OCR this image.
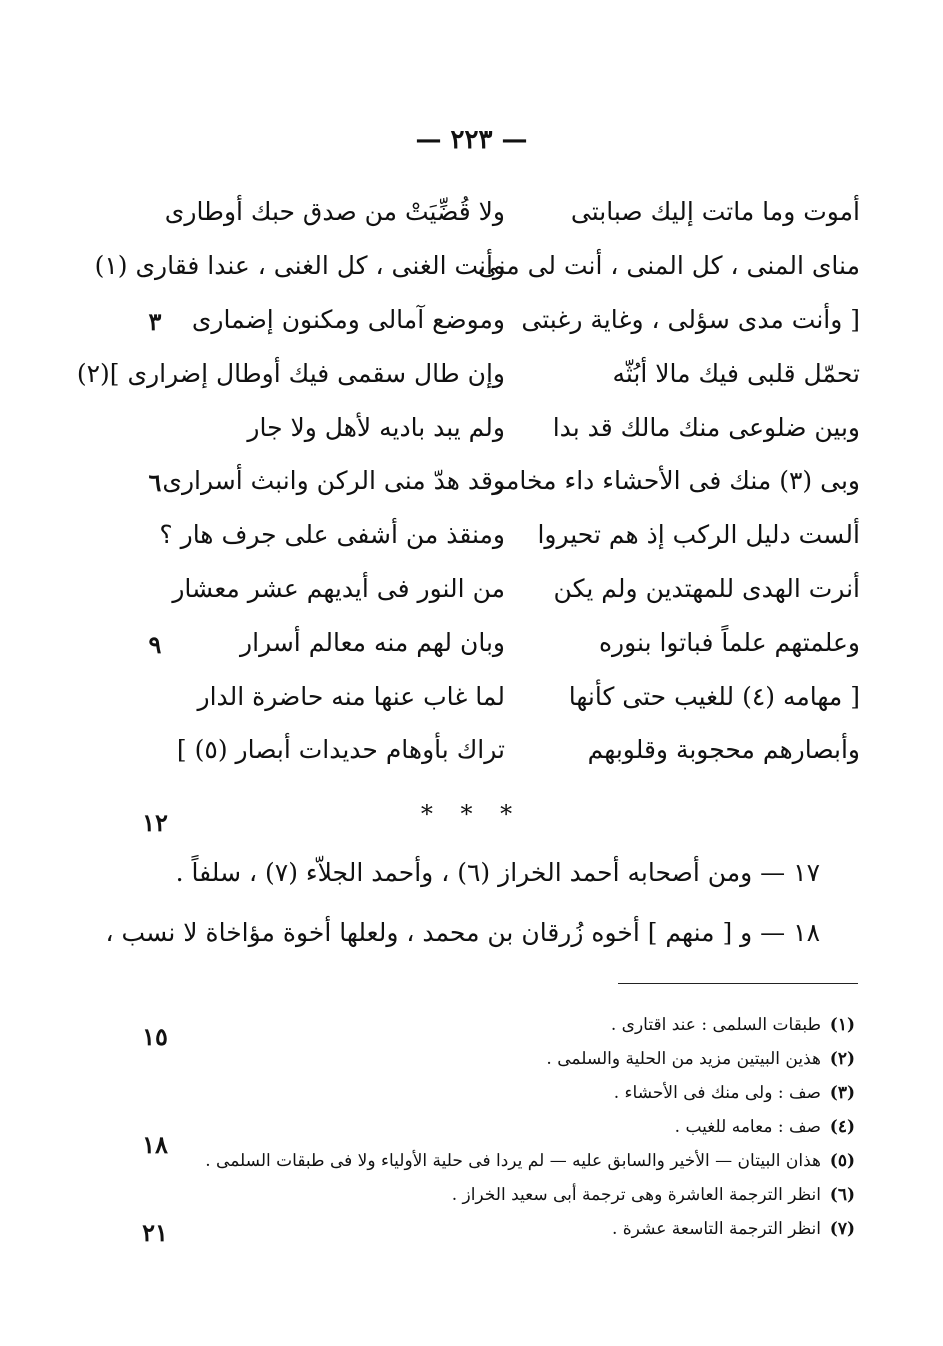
— ٢٢٣ —
أموت وما ماتت إليك صبابتى
ولا قُضِّيَتْ من صدق حبك أوطارى
مناى المنى ، كل المنى ، أنت لى منى
وأنت الغنى ، كل الغنى ، عندا فقارى (١)
[ وأنت مدى سؤلى ، وغاية رغبتى
وموضع آمالى ومكنون إضمارى
تحمّل قلبى فيك مالا أبُثّه
وإن طال سقمى فيك أوطال إضرارى ](٢)
وبين ضلوعى منك مالك قد بدا
ولم يبد باديه لأهل ولا جار
وبى (٣) منك فى الأحشاء داء مخامر
وقد هدّ منى الركن وانبث أسرارى
ألست دليل الركب إذ هم تحيروا
ومنقذ من أشفى على جرف هار ؟
أنرت الهدى للمهتدين ولم يكن
من النور فى أيديهم عشر معشار
وعلمتهم علماً فباتوا بنوره
وبان لهم منه معالم أسرار
[ مهامه (٤) للغيب حتى كأنها
لما غاب عنها منه حاضرة الدار
وأبصارهم محجوبة وقلوبهم
تراك بأوهام حديدات أبصار (٥) ]
٣
٦
٩
١٢
١٥
١٨
٢١
* * *
١٧ — ومن أصحابه أحمد الخراز (٦) ، وأحمد الجلاّء (٧) ، سلفاً .
١٨ — و [ منهم ] أخوه زُرقان بن محمد ، ولعلها أخوة مؤاخاة لا نسب ،
(١)
طبقات السلمى : عند اقتارى .
(٢)
هذين البيتين مزيد من الحلية والسلمى .
(٣)
صف : ولى منك فى الأحشاء .
(٤)
صف : معامه للغيب .
(٥)
هذان البيتان — الأخير والسابق عليه — لم يردا فى حلية الأولياء ولا فى طبقات السلمى .
(٦)
انظر الترجمة العاشرة وهى ترجمة أبى سعيد الخراز .
(٧)
انظر الترجمة التاسعة عشرة .
